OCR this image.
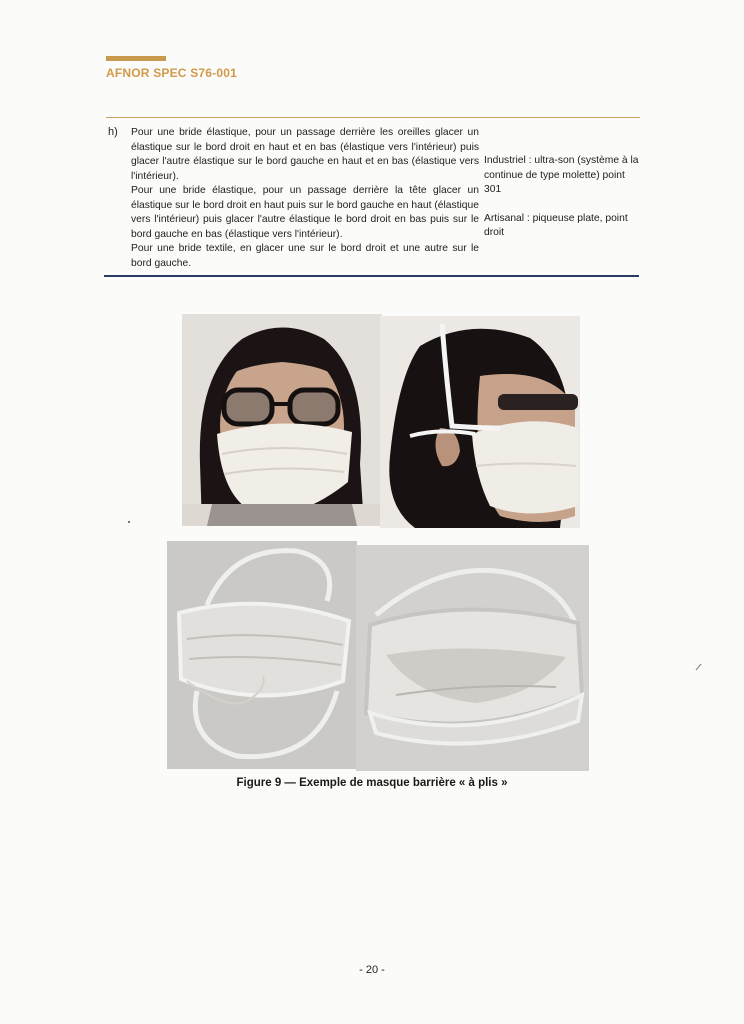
AFNOR SPEC S76-001
h) Pour une bride élastique, pour un passage derrière les oreilles glacer un élastique sur le bord droit en haut et en bas (élastique vers l'intérieur) puis glacer l'autre élastique sur le bord gauche en haut et en bas (élastique vers l'intérieur).

Pour une bride élastique, pour un passage derrière la tête glacer un élastique sur le bord droit en haut puis sur le bord gauche en haut (élastique vers l'intérieur) puis glacer l'autre élastique le bord droit en bas puis sur le bord gauche en bas (élastique vers l'intérieur).

Pour une bride textile, en glacer une sur le bord droit et une autre sur le bord gauche.

Industriel : ultra-son (système à la continue de type molette) point 301

Artisanal : piqueuse plate, point droit

Figure 9 — Exemple de masque barrière « à plis »
- 20 -
